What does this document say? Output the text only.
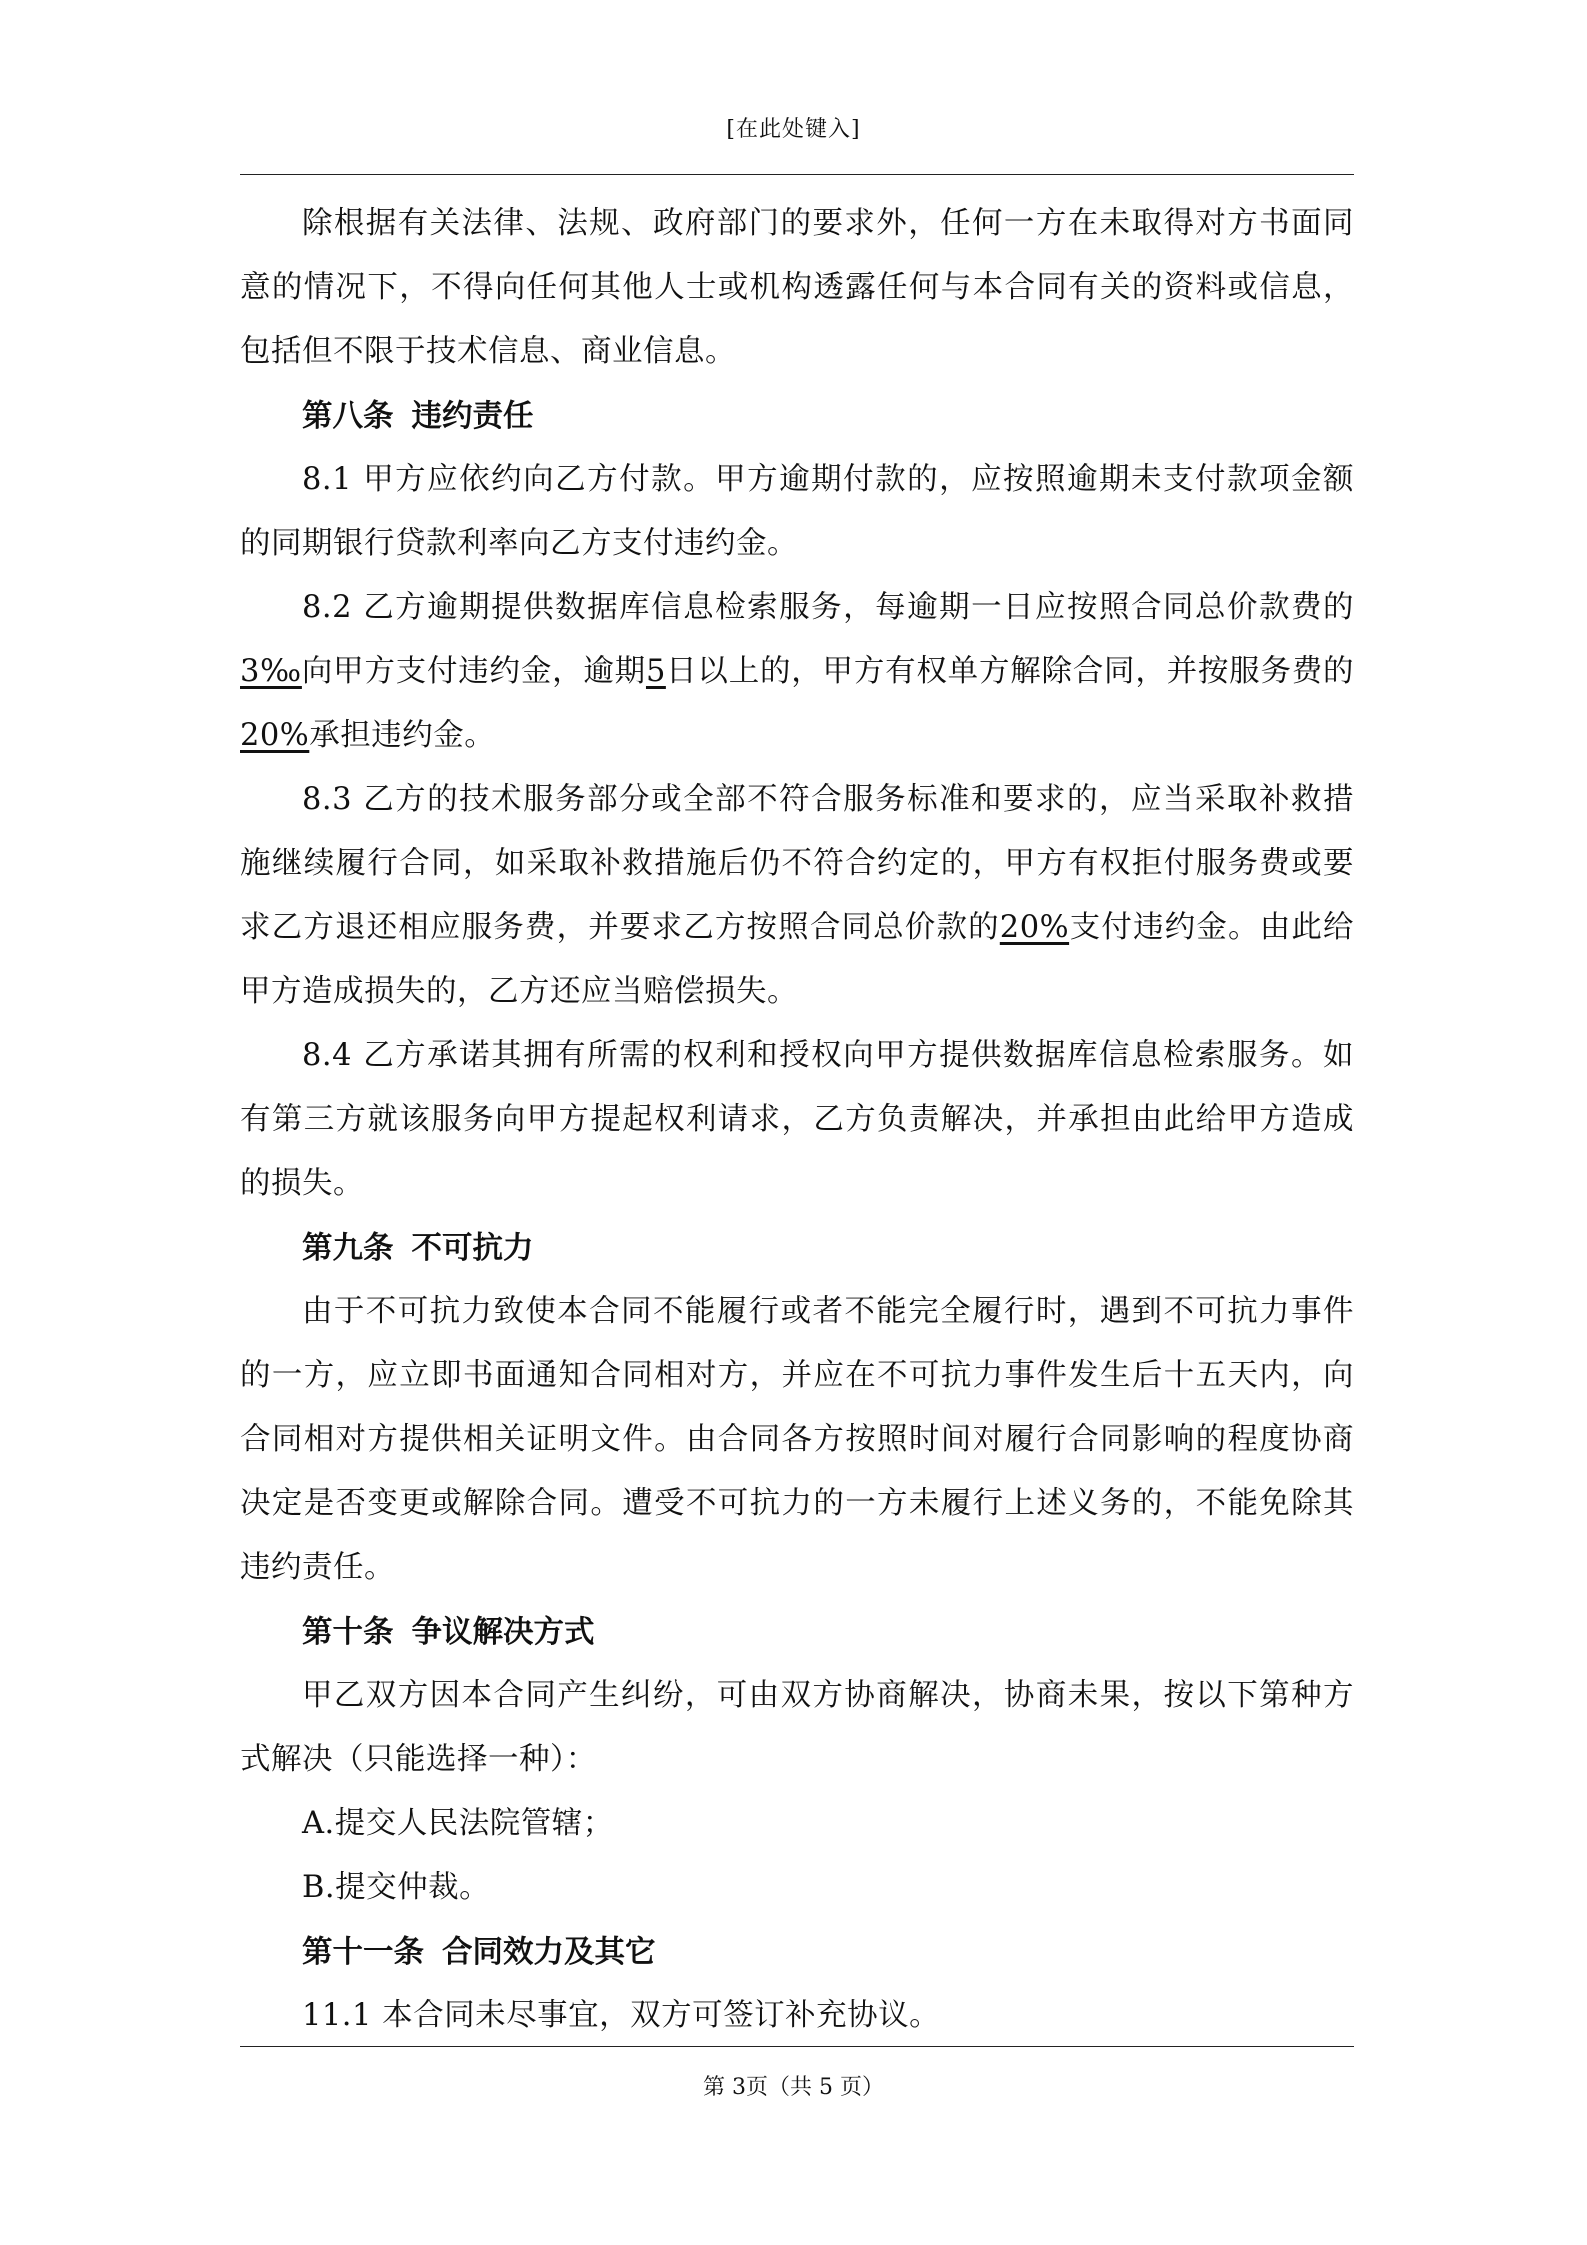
[在此处键入]

除根据有关法律、法规、政府部门的要求外，任何一方在未取得对方书面同意的情况下，不得向任何其他人士或机构透露任何与本合同有关的资料或信息，包括但不限于技术信息、商业信息。

第八条 违约责任

8.1 甲方应依约向乙方付款。甲方逾期付款的，应按照逾期未支付款项金额的同期银行贷款利率向乙方支付违约金。

8.2 乙方逾期提供数据库信息检索服务，每逾期一日应按照合同总价款费的3‰向甲方支付违约金，逾期5日以上的，甲方有权单方解除合同，并按服务费的20%承担违约金。

8.3 乙方的技术服务部分或全部不符合服务标准和要求的，应当采取补救措施继续履行合同，如采取补救措施后仍不符合约定的，甲方有权拒付服务费或要求乙方退还相应服务费，并要求乙方按照合同总价款的20%支付违约金。由此给甲方造成损失的，乙方还应当赔偿损失。

8.4 乙方承诺其拥有所需的权利和授权向甲方提供数据库信息检索服务。如有第三方就该服务向甲方提起权利请求，乙方负责解决，并承担由此给甲方造成的损失。

第九条 不可抗力

由于不可抗力致使本合同不能履行或者不能完全履行时，遇到不可抗力事件的一方，应立即书面通知合同相对方，并应在不可抗力事件发生后十五天内，向合同相对方提供相关证明文件。由合同各方按照时间对履行合同影响的程度协商决定是否变更或解除合同。遭受不可抗力的一方未履行上述义务的，不能免除其违约责任。

第十条 争议解决方式

甲乙双方因本合同产生纠纷，可由双方协商解决，协商未果，按以下第种方式解决（只能选择一种）：

A.提交人民法院管辖；

B.提交仲裁。

第十一条 合同效力及其它

11.1 本合同未尽事宜，双方可签订补充协议。

第 3页（共 5 页）
